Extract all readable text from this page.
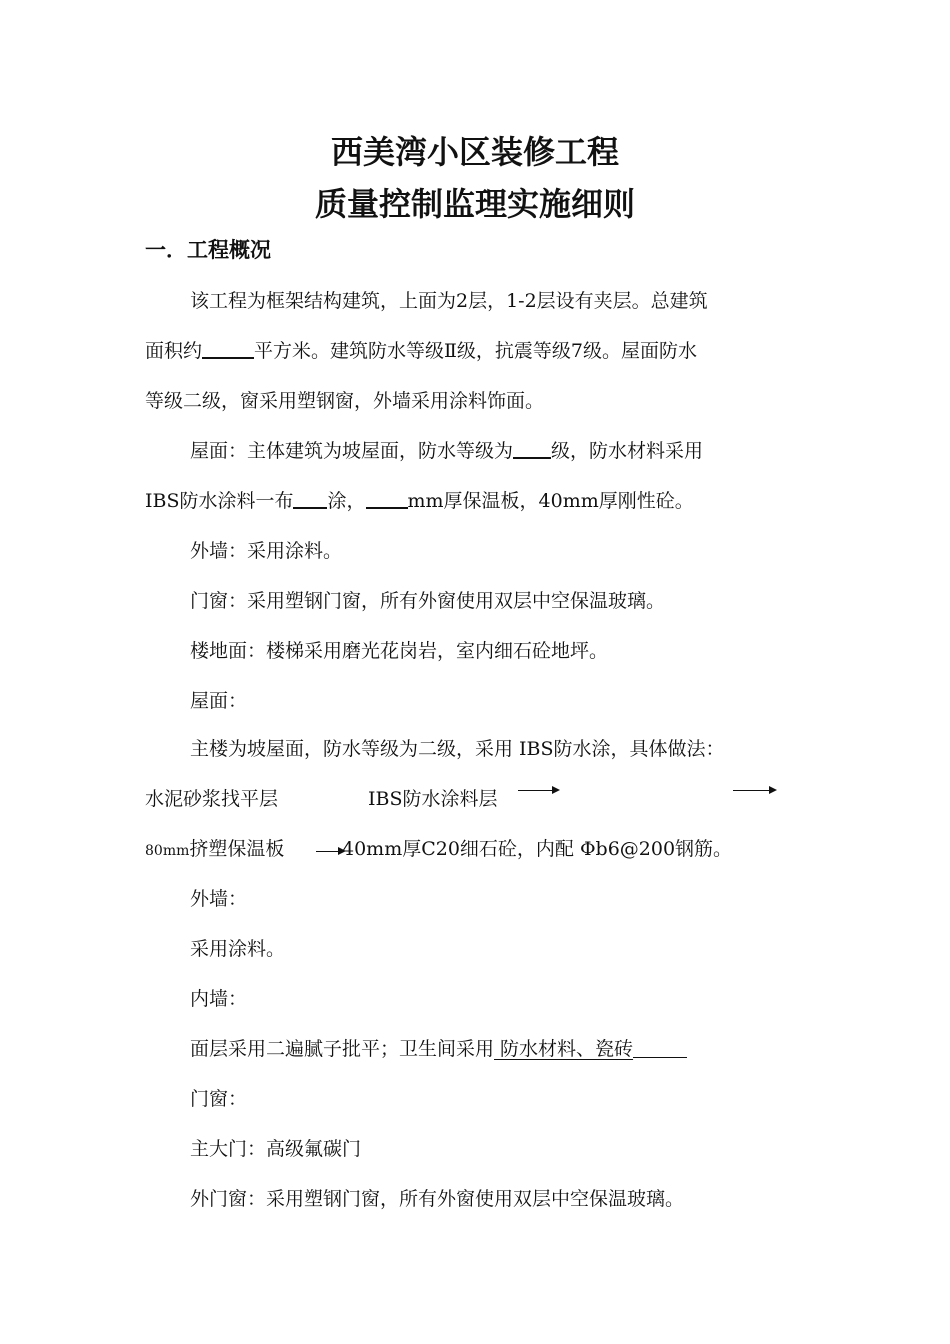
西美湾小区装修工程
质量控制监理实施细则
一．工程概况
该工程为框架结构建筑，上面为2层，1-2层设有夹层。总建筑
面积约	平方米。建筑防水等级Ⅱ级，抗震等级7级。屋面防水
等级二级，窗采用塑钢窗，外墙采用涂料饰面。
屋面：主体建筑为坡屋面，防水等级为 级，防水材料采用
IBS防水涂料一布 涂， mm厚保温板，40mm厚刚性砼。
外墙：采用涂料。
门窗：采用塑钢门窗，所有外窗使用双层中空保温玻璃。
楼地面：楼梯采用磨光花岗岩，室内细石砼地坪。
屋面：
主楼为坡屋面，防水等级为二级，采用 IBS防水涂，具体做法：
水泥砂浆找平层	IBS防水涂料层
80mm挤塑保温板	40mm厚C20细石砼，内配 Φb6@200钢筋。
外墙：
采用涂料。
内墙：
面层采用二遍腻子批平；卫生间采用 防水材料、瓷砖
门窗：
主大门：高级氟碳门
外门窗：采用塑钢门窗，所有外窗使用双层中空保温玻璃。
